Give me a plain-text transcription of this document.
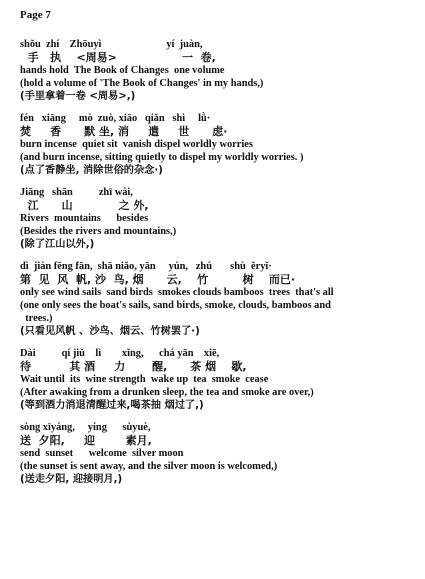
Page 7
shǒu  zhí    Zhōuyì                         yí  juàn,
手   执    <周易>                 一  卷,
hands hold  The Book of Changes  one volume
(hold a volume of 'The Book of Changes' in my hands,)
(手里拿着一卷 <周易>,)
fén   xiāng     mò  zuò, xiāo   qiǎn   shì     lǜ·
焚     香      默 坐, 消     遣     世      虑·
burn incense  quiet sit  vanish dispel worldly worries
(and burn incense, sitting quietly to dispel my worldly worries. )
(点了香静坐, 消除世俗的杂念·)
Jiāng   shān          zhī wài,
江      山            之 外,
Rivers  mountains      besides
(Besides the rivers and mountains,)
(除了江山以外,)
dì  jiàn fēng fān,  shā niǎo, yān     yún,   zhú       shù  ěryǐ·
第  见  风  帆, 沙  鸟, 烟      云,    竹         树    而已·
only see wind sails  sand birds  smokes clouds bamboos  trees  that's all
(one only sees the boat's sails, sand birds, smoke, clouds, bamboos and
trees.)
(只看见风帆 、沙鸟、烟云、竹树罢了·)
Dài          qí jiǔ    lì        xǐng,      chá yān    xiē,
待          其 酒     力       醒,      茶 烟    歇,
Wait until  its  wine strength  wake up  tea  smoke  cease
(After awaking from a drunken sleep, the tea and smoke are over,)
(等到酒力消退清醒过来,喝茶抽 烟过了,)
sòng xīyáng,     yíng      sùyuè,
送  夕阳,     迎        素月,
send  sunset      welcome  silver moon
(the sunset is sent away, and the silver moon is welcomed,)
(送走夕阳, 迎接明月,)
